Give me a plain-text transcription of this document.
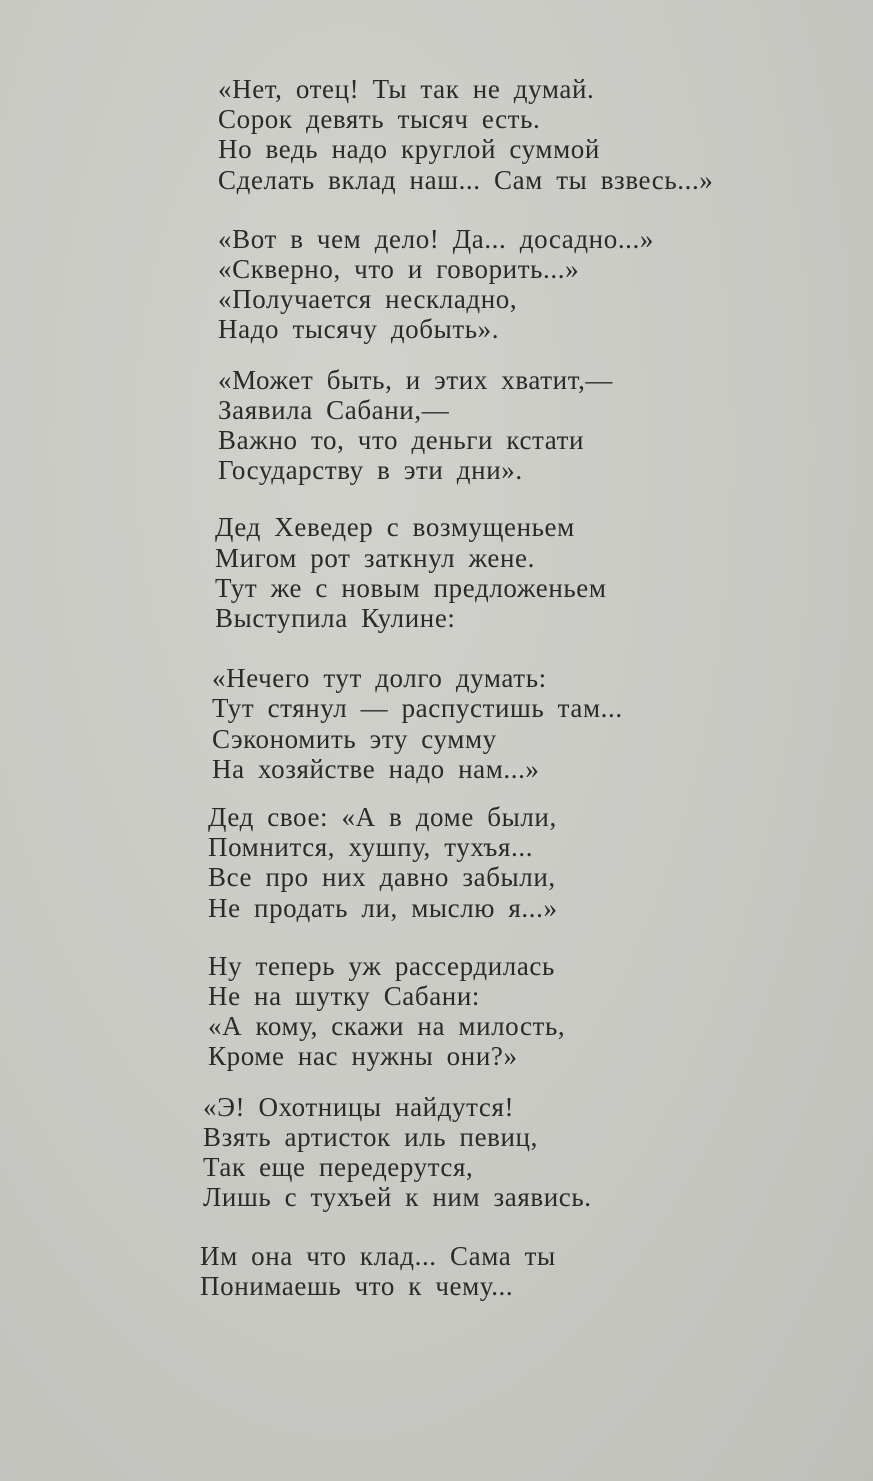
«Нет, отец! Ты так не думай.
Сорок девять тысяч есть.
Но ведь надо круглой суммой
Сделать вклад наш... Сам ты взвесь...»

«Вот в чем дело! Да... досадно...»
«Скверно, что и говорить...»
«Получается нескладно,
Надо тысячу добыть».

«Может быть, и этих хватит,—
Заявила Сабани,—
Важно то, что деньги кстати
Государству в эти дни».

Дед Хеведер с возмущеньем
Мигом рот заткнул жене.
Тут же с новым предложеньем
Выступила Кулине:

«Нечего тут долго думать:
Тут стянул — распустишь там...
Сэкономить эту сумму
На хозяйстве надо нам...»

Дед свое: «А в доме были,
Помнится, хушпу, тухъя...
Все про них давно забыли,
Не продать ли, мыслю я...»

Ну теперь уж рассердилась
Не на шутку Сабани:
«А кому, скажи на милость,
Кроме нас нужны они?»

«Э! Охотницы найдутся!
Взять артисток иль певиц,
Так еще передерутся,
Лишь с тухъей к ним заявись.

Им она что клад... Сама ты
Понимаешь что к чему...
